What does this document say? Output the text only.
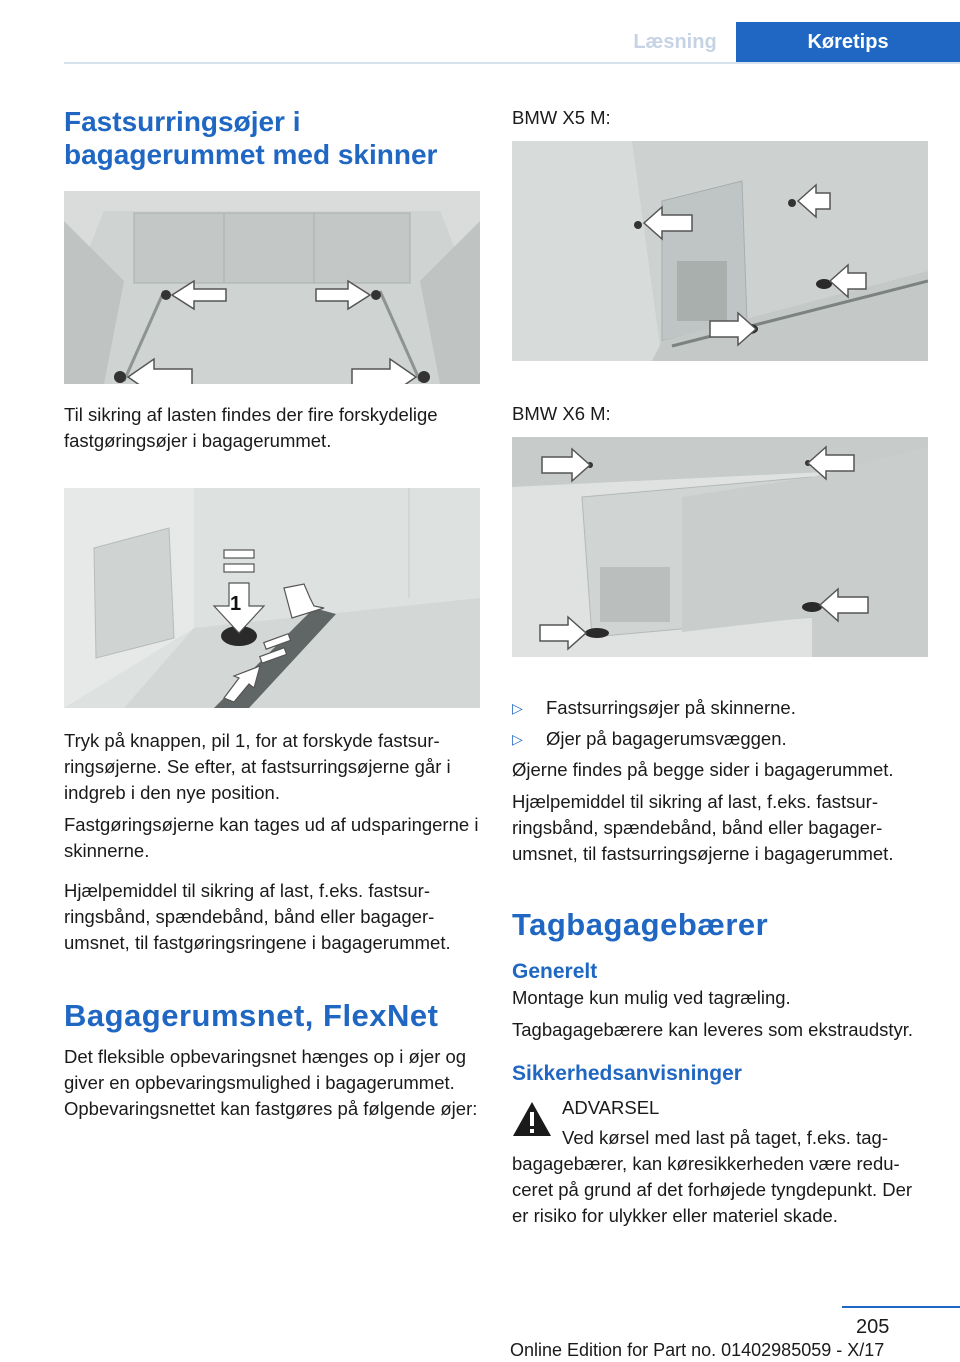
Læsning	Køretips
Fastsurringsøjer i bagagerummet med skinner

Til sikring af lasten findes der fire forskydelige fastgøringsøjer i bagagerummet.

1

Tryk på knappen, pil 1, for at forskyde fastsurringsøjerne. Se efter, at fastsurringsøjerne går i indgreb i den nye position.

Fastgøringsøjerne kan tages ud af udsparingerne i skinnerne.

Hjælpemiddel til sikring af last, f.eks. fastsurringsbånd, spændebånd, bånd eller bagagerumsnet, til fastgøringsringene i bagagerummet.

Bagagerumsnet, FlexNet

Det fleksible opbevaringsnet hænges op i øjer og giver en opbevaringsmulighed i bagagerummet. Opbevaringsnettet kan fastgøres på følgende øjer:

BMW X5 M:

BMW X6 M:

▷ Fastsurringsøjer på skinnerne.
▷ Øjer på bagagerumsvæggen.

Øjerne findes på begge sider i bagagerummet.

Hjælpemiddel til sikring af last, f.eks. fastsurringsbånd, spændebånd, bånd eller bagagerumsnet, til fastsurringsøjerne i bagagerummet.

Tagbagagebærer
Generelt

Montage kun mulig ved tagræling.

Tagbagagebærere kan leveres som ekstraudstyr.

Sikkerhedsanvisninger

ADVARSEL

Ved kørsel med last på taget, f.eks. tagbagagebærer, kan køresikkerheden være reduceret på grund af det forhøjede tyngdepunkt. Der er risiko for ulykker eller materiel skade.

205
Online Edition for Part no. 01402985059 - X/17
